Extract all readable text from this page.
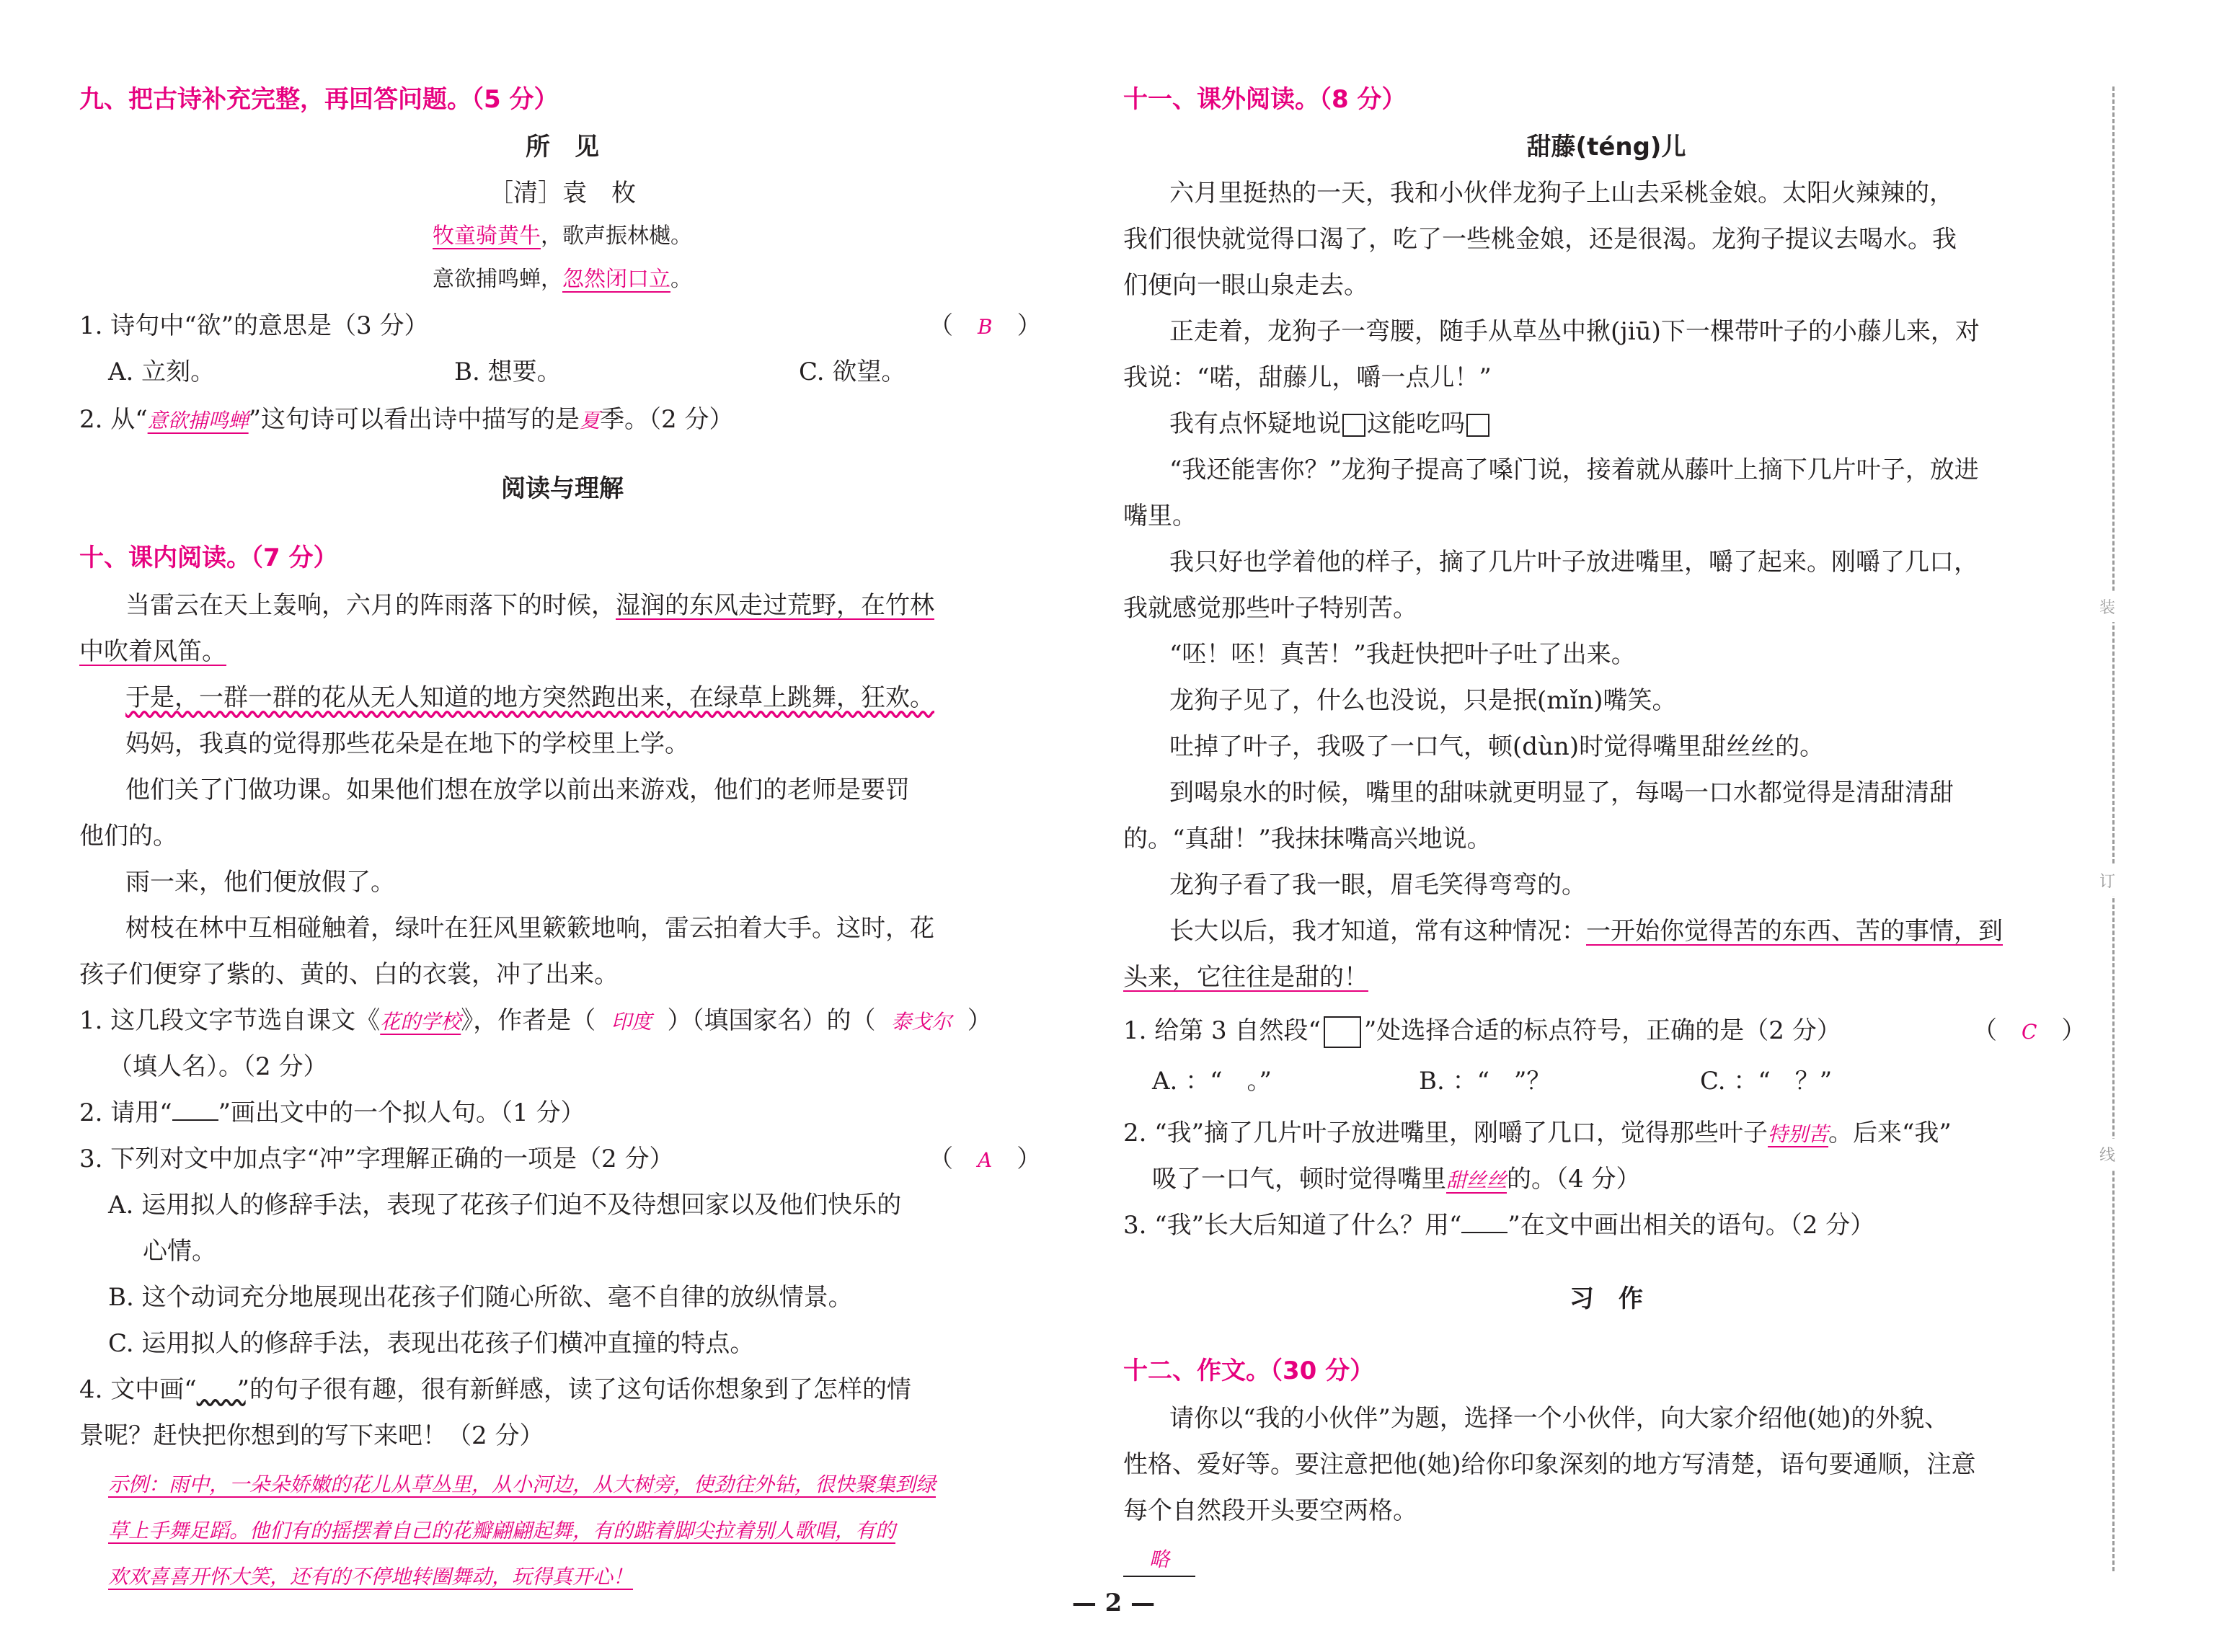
九、把古诗补充完整，再回答问题。（5 分）
所　见
［清］袁　枚
牧童骑黄牛，歌声振林樾。
意欲捕鸣蝉，忽然闭口立。
1. 诗句中“欲”的意思是（3 分）	（　B　）
A. 立刻。	B. 想要。	C. 欲望。
2. 从“意欲捕鸣蝉”这句诗可以看出诗中描写的是夏季。（2 分）
阅读与理解
十、课内阅读。（7 分）
当雷云在天上轰响，六月的阵雨落下的时候，湿润的东风走过荒野，在竹林
中吹着风笛。
于是，一群一群的花从无人知道的地方突然跑出来，在绿草上跳舞，狂欢。
妈妈，我真的觉得那些花朵是在地下的学校里上学。
他们关了门做功课。如果他们想在放学以前出来游戏，他们的老师是要罚
他们的。
雨一来，他们便放假了。
树枝在林中互相碰触着，绿叶在狂风里簌簌地响，雷云拍着大手。这时，花
孩子们便穿了紫的、黄的、白的衣裳，冲了出来。
1. 这几段文字节选自课文《花的学校》，作者是（ 印度 ）（填国家名）的（ 泰戈尔 ）
（填人名）。（2 分）
2. 请用“ ”画出文中的一个拟人句。（1 分）
3. 下列对文中加点字“冲”字理解正确的一项是（2 分）	（　A　）
A. 运用拟人的修辞手法，表现了花孩子们迫不及待想回家以及他们快乐的
心情。
B. 这个动词充分地展现出花孩子们随心所欲、毫不自律的放纵情景。
C. 运用拟人的修辞手法，表现出花孩子们横冲直撞的特点。
4. 文中画“　　 ”的句子很有趣，很有新鲜感，读了这句话你想象到了怎样的情
景呢？赶快把你想到的写下来吧！（2 分）
示例：雨中，一朵朵娇嫩的花儿从草丛里，从小河边，从大树旁，使劲往外钻，很快聚集到绿
草上手舞足蹈。他们有的摇摆着自己的花瓣翩翩起舞，有的踮着脚尖拉着别人歌唱，有的
欢欢喜喜开怀大笑，还有的不停地转圈舞动，玩得真开心！
十一、课外阅读。（8 分）
甜藤(téng)儿
六月里挺热的一天，我和小伙伴龙狗子上山去采桃金娘。太阳火辣辣的，
我们很快就觉得口渴了，吃了一些桃金娘，还是很渴。龙狗子提议去喝水。我
们便向一眼山泉走去。
正走着，龙狗子一弯腰，随手从草丛中揪(jiū)下一棵带叶子的小藤儿来，对
我说：“喏，甜藤儿，嚼一点儿！”
我有点怀疑地说 这能吃吗
“我还能害你？”龙狗子提高了嗓门说，接着就从藤叶上摘下几片叶子，放进
嘴里。
我只好也学着他的样子，摘了几片叶子放进嘴里，嚼了起来。刚嚼了几口，
我就感觉那些叶子特别苦。
“呸！呸！真苦！”我赶快把叶子吐了出来。
龙狗子见了，什么也没说，只是抿(mǐn)嘴笑。
吐掉了叶子，我吸了一口气，顿(dùn)时觉得嘴里甜丝丝的。
到喝泉水的时候，嘴里的甜味就更明显了，每喝一口水都觉得是清甜清甜
的。“真甜！”我抹抹嘴高兴地说。
龙狗子看了我一眼，眉毛笑得弯弯的。
长大以后，我才知道，常有这种情况：一开始你觉得苦的东西、苦的事情，到
头来，它往往是甜的！
1. 给第 3 自然段“ ”处选择合适的标点符号，正确的是（2 分）	（　C　）
A. ：“　。”	B. ：“　”？	C. ：“　？”
2. “我”摘了几片叶子放进嘴里，刚嚼了几口，觉得那些叶子特别苦。后来“我”
吸了一口气，顿时觉得嘴里甜丝丝的。（4 分）
3. “我”长大后知道了什么？用“ ”在文中画出相关的语句。（2 分）
习　作
十二、作文。（30 分）
请你以“我的小伙伴”为题，选择一个小伙伴，向大家介绍他(她)的外貌、
性格、爱好等。要注意把他(她)给你印象深刻的地方写清楚，语句要通顺，注意
每个自然段开头要空两格。
略
装
订
线
— 2 —
